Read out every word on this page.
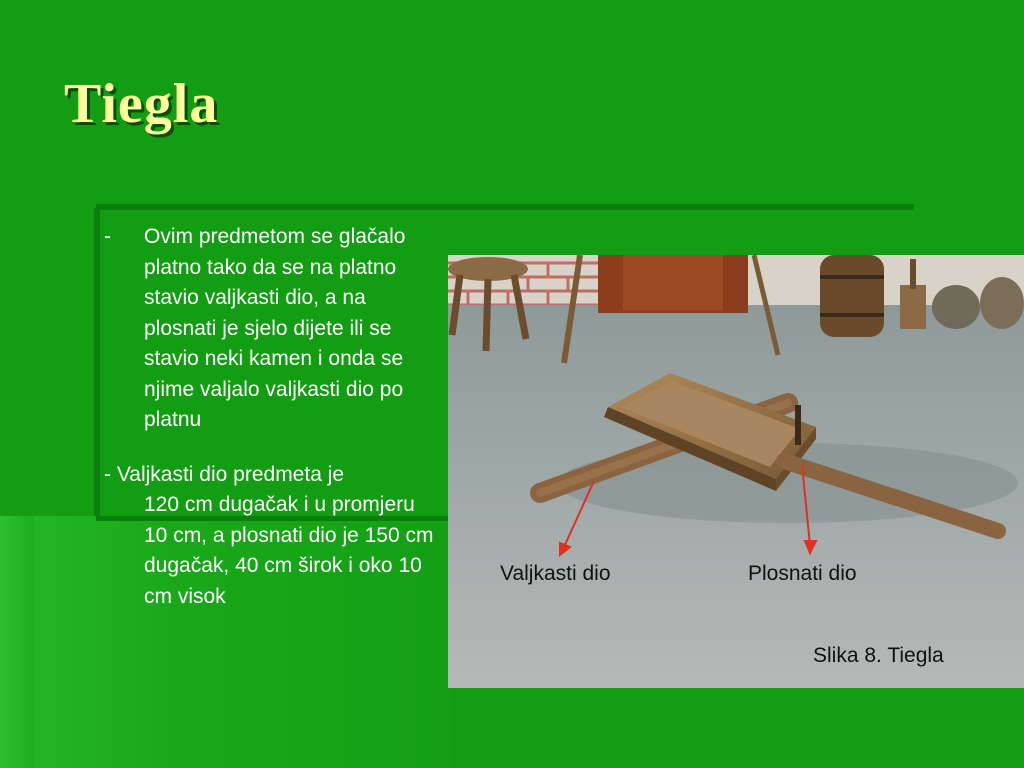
Tiegla

- Ovim predmetom se glačalo platno tako da se na platno stavio valjkasti dio, a na plosnati je sjelo dijete ili se stavio neki kamen i onda se njime valjalo valjkasti dio po platnu

- Valjkasti dio predmeta je
120 cm dugačak i u promjeru 10 cm, a plosnati dio je 150 cm dugačak, 40 cm širok i oko 10 cm visok

Valjkasti dio	Plosnati dio
Slika 8. Tiegla
